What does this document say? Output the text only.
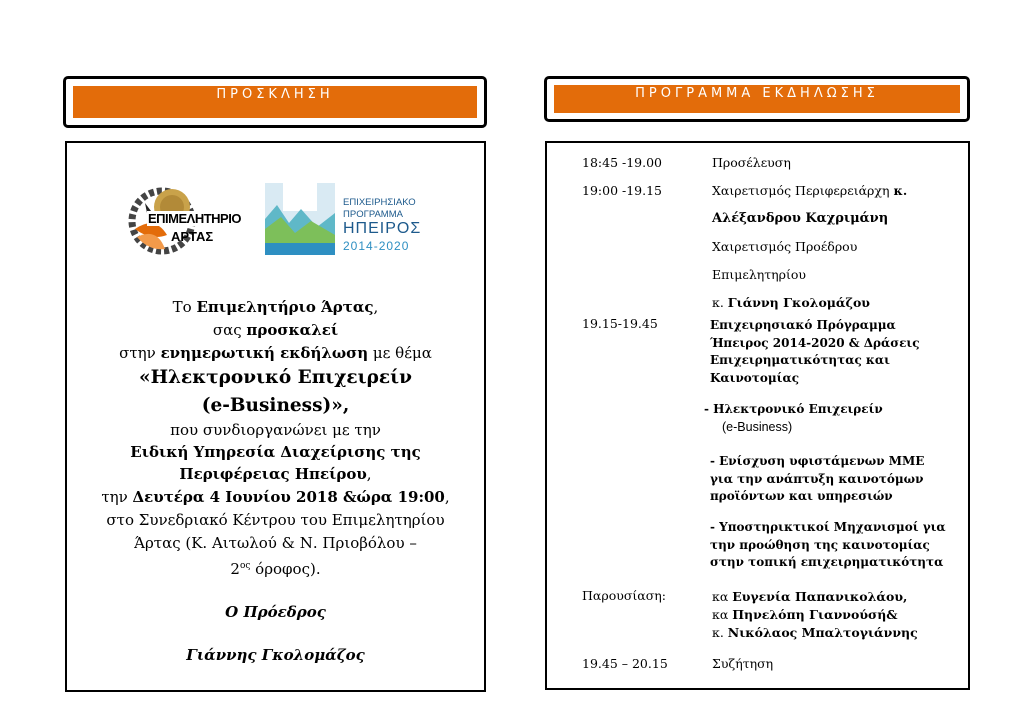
ΠΡΟΣΚΛΗΣΗ	ΠΡΟΓΡΑΜΜΑ ΕΚΔΗΛΩΣΗΣ
ΕΠΙΜΕΛΗΤΗΡΙΟ
ΑΡΤΑΣ
ΕΠΙΧΕΙΡΗΣΙΑΚΟ
ΠΡΟΓΡΑΜΜΑ
ΗΠΕΙΡΟΣ
2014-2020
Το Επιμελητήριο Άρτας,
σας προσκαλεί
στην ενημερωτική εκδήλωση με θέμα
«Ηλεκτρονικό Επιχειρείν
(e-Business)»,
που συνδιοργανώνει με την
Ειδική Υπηρεσία Διαχείρισης της
Περιφέρειας Ηπείρου,
την Δευτέρα 4 Ιουνίου 2018 &ώρα 19:00,
στο Συνεδριακό Κέντρου του Επιμελητηρίου
Άρτας (Κ. Αιτωλού & Ν. Πριοβόλου –
$2^{o\varsigma}$ όροφος).
Ο Πρόεδρος
Γιάννης Γκολομάζος
18:45 -19.00	Προσέλευση
19:00 -19.15	Χαιρετισμός Περιφερειάρχη κ.
Αλέξανδρου Καχριμάνη
Χαιρετισμός Προέδρου
Επιμελητηρίου
κ. Γιάννη Γκολομάζου
19.15-19.45	Επιχειρησιακό Πρόγραμμα
Ήπειρος 2014-2020 & Δράσεις
Επιχειρηματικότητας και
Καινοτομίας
- Ηλεκτρονικό Επιχειρείν
(e-Business)
- Ενίσχυση υφιστάμενων ΜΜΕ
για την ανάπτυξη καινοτόμων
προϊόντων και υπηρεσιών
- Υποστηρικτικοί Μηχανισμοί για
την προώθηση της καινοτομίας
στην τοπική επιχειρηματικότητα
Παρουσίαση:	κα Ευγενία Παπανικολάου,
κα Πηνελόπη Γιαννούσή&
κ. Νικόλαος Μπαλτογιάννης
19.45 – 20.15	Συζήτηση
